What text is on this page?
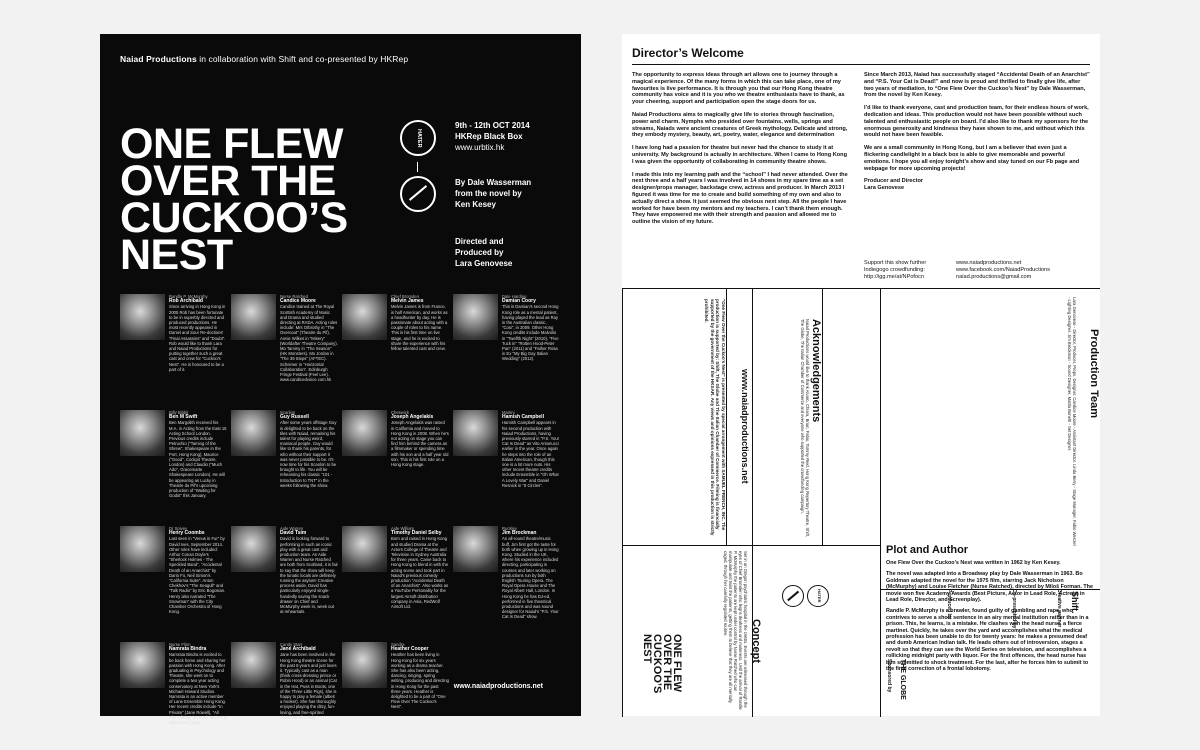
Naiad Productions in collaboration with Shift and co-presented by HKRep
ONE FLEW
OVER THE
CUCKOO’S
NEST
HATER
9th - 12th OCT 2014
HKRep Black Box
www.urbtix.hk
By Dale Wasserman
from the novel by
Ken Kesey
Directed and
Produced by
Lara Genovese
Randle P. McMurphy
Rob Archibald
Since arriving in Hong Kong in 2005 Rob has been fortunate to be in superbly directed and produced productions. He most recently appeared in Daniel and Sour Re-doctions' "Final Assassins" and "Doubt". Rob would like to thank Lara and Naiad Productions for putting together such a great cast and crew for "Cuckoo's Nest". He is honoured to be a part of it.
Nurse Ratched
Candice Moore
Candice trained at The Royal Scottish Academy of Music and Drama and studied directing at RADA. Acting roles include: Mrs Orbrothy in "The Overcoat" (Theatre du Pif), Annie Wilkes in "Misery" (Worldafter Theatre Company). Mo Tammy in "The Season" (HK Monsters). Mo Jordan in "The 39 Steps" (AFTEC). Scheimer in "Horizontal Collaboration". Edinburgh Fringe Festival (Feel Lee). www.candicedvoice.com.hk
Chief Bromden
Melvin James
Melvin James is from France, is half American, and works as a headhunter by day. He is passionate about acting with a couple of roles to his name. This is his first time on live stage, and he is excited to share the experience with his fellow talented cast and crew.
Dale Harding
Damian Coory
This is Damian's second Hong Kong role as a mental patient, having played the lead as Ray in the Australian classic, "Cosi", in 2009. Other Hong Kong credits include Malvolio in "Twelfth Night" (2010), "Five Tuck in" "Rotten Hood-Peter Pan" (2011) and "Father Rosa in Ex "My Big Gay Italian Wedding" (2012).
Billy Bibbit
Ben M Swift
Ben Margolith received his M.A. in Acting from the East 15 Acting School London. Previous credits include Petruchio ("Taming of the Shrew", Shakespeare in the Port, Hong Kong), Maurice ("Good", Cockpit Theatre, London) and Claudio ("Much Ado", Gracemarte Shakespeare London). He will be appearing as Lucky in Theatre du Pif's upcoming production of "Waiting for Godot" this January.
Scanlon
Guy Russell
After some years offstage Guy is delighted to be back on the tiles with Naiad, remaining his talent for playing weird, maniacal people. Guy would like to thank his parents, for who without their support it was never possible to be. It's now time for his Scanlon to be brought to life. You will be rehearsing his classic "101 - Introduction to TNT" in the weeks following the show.
Cheswick
Joseph Angelakis
Joseph Angelakis was raised in California and moved to Hong Kong in 2008. When he's not acting on stage you can find him behind the camera as a filmmaker or spending time with his son and a half year old son. This is his first role on a Hong Kong stage.
Martini
Hamish Campbell
Hamish Campbell appears in his second production with Naiad Productions, having previously starred in "P.S. Your Cat Is Dead" as Vito Antonucci earlier in the year. Once again he steps into the role of an Italian American, though this one is a lot more nuts. His other recent theatre credits include Ensemble in "Oh What A Lovely War" and Daniel Resnick in "8 Circles".
Dr Spivey
Henry Coombs
Last seen in "Venus in Fur" by David Ives, September 2014. Other roles have included: Arthur Conan Doyle's "Sherlock Holmes - The Speckled Band", "Accidental Death of an Anarchist" by Dario Fo, Neil Simon's "California Suite". Anton Chekhov's "The Seagull" and "Talk Radio" by Eric Bogosian. Henry also narrated "The Snowman" with the City Chamber Orchestra of Hong Kong.
Aide Warren
David Tsim
David is looking forward to performing in such an iconic play with a great cast and production team. As Aide Warren and Nurse Ratched are both from Scotland, it is fair to say that the show will keep the lunatic locals are definitely running the asylum! Creative process aside, David has particularly enjoyed single-handedly saving the snack drawer on Chief and McMurphy week in, week out at rehearsals.
Aide William
Timothy Daniel Selby
Born and raised in Hong Kong and studied Drama at the Actors College of Theatre and Television in Sydney Australia for three years. Came back to Hong Kong to blend in with the acting scene and took part in Naiad's previous comedy production "Accidental Death of an Anarchist". Also works as a YouTube Personality for the largest Airsoft distribution company in Asia, RedWolf Airsoft Ltd.
Ruckley
Jim Brockman
An all-round theatre/music buff, Jim first got the taste for both when growing up in Hong Kong. Studied in the UK, where his experience included directing, participating in courses and later working on productions run by both English Touring Opera, The Royal Opera House and The Royal Albert Hall, London. In Hong Kong he has DJ-ed, performed in five theatrical productions and was sound designer for Naiad's "P.S. Your Cat Is Dead" show.
Nurse Flinn
Namrata Bindra
Namrata Bindra is excited to be back home and sharing her passion with Hong Kong. After graduating in Psychology and Theatre, she went on to complete a two year acting conservatory at New York's Michael Howard Studios. Namrata is an active member of Lane Ensemble Hong Kong. Her recent credits include "In Private" (Jane Rowell), "All The Infamy" (Forms), and "Dog Sees God" (Van).
Candy Starr
Jane Archibald
Jane has been involved in the Hong Kong theatre scene for the past 8 years and just loves it. Typically cast as a man (think cross-dressing prince or Robin Hood) or an animal (Cat in the Hat, Puss in Boots, one of the Three Little Pigs), she is happy to play a female (albeit a hooker). She has thoroughly enjoyed playing the ditzy, fun-loving, and free-spirited character of Candy.
Sandra
Heather Cooper
Heather has been living in Hong Kong for six years working as a drama teacher. She has also been acting, dancing, singing, spring writing, producing and directing in Hong Kong for the past three years. Heather is delighted to be a part of "One Flew Over The Cuckoo's Nest".
www.naiadproductions.net
Director’s Welcome

The opportunity to express ideas through art allows one to journey through a magical experience. Of the many forms in which this can take place, one of my favourites is live performance. It is through you that our Hong Kong theatre community has voice and it is you who we theatre enthusiasts have to thank, as your cheering, support and participation open the stage doors for us.

Naiad Productions aims to magically give life to stories through fascination, power and charm. Nymphs who presided over fountains, wells, springs and streams, Naiads were ancient creatures of Greek mythology. Delicate and strong, they embody mystery, beauty, art, poetry, water, elegance and determination

I have long had a passion for theatre but never had the chance to study it at university. My background is actually in architecture. When I came to Hong Kong I was given the opportunity of collaborating in community theatre shows.

I made this into my learning path and the “school” I had never attended. Over the next three and a half years I was involved in 14 shows in my spare time as a set designer/props manager, backstage crew, actress and producer. In March 2013 I figured it was time for me to create and build something of my own and also to actually direct a show. It just seemed the obvious next step. All the people I have worked for have been my mentors and my teachers. I can’t thank them enough. They have empowered me with their strength and passion and allowed me to outline the vision of my future.

Since March 2013, Naiad has successfully staged “Accidental Death of an Anarchist” and “P.S. Your Cat is Dead!” and now is proud and thrilled to finally give life, after two years of mediation, to “One Flew Over the Cuckoo’s Nest” by Dale Wasserman, from the novel by Ken Kesey.

I’d like to thank everyone, cast and production team, for their endless hours of work, dedication and ideas. This production would not have been possible without such talented and enthusiastic people on board. I’d also like to thank my sponsors for the enormous generosity and kindness they have shown to me, and without which this would not have been feasible.

We are a small community in Hong Kong, but I am a believer that even just a flickering candlelight in a black box is able to give memorable and powerful emotions. I hope you all enjoy tonight’s show and stay tuned on our Fb page and webpage for more upcoming projects!

Producer and Director
Lara Genovese
Support this show further
Indiegogo crowdfunding:
http://igg.me/at/NPofocn
www.naiadproductions.net
www.facebook.com/NaiadProductions
naiad.productions@gmail.com
Production Team
Lara Genovese - Director, Producer, Props. Designer. Candice Moore - Assistant Director. Linda Berry - Stage Manager. Fabio Wenzel - Lighting Designer. Jim Brockman - Sound Designer. Mattia Bonetti - Set Designer.
Acknowledgements
Naiad Productions would like to thank Alvaro, Chiara, Brian, Fabio, Tommy Reid, Hong Kong Repertory Theatre, Shift, The Globe, The Italian Chamber of Commerce and everyone who supported the crowdfunding campaign.
www.naiadproductions.net
"One Flew Over the Cuckoo's Nest" is presented by special arrangement with SAMUEL FRENCH, INC. The production is supported by: Shift, The Globe and The Italian Chamber of Commerce. Filming is financially supported by the government of the HKSAR. Any views and opinions expressed in this production is strictly prohibited.
HATER
Concept
Set in an Oregon psychiatric hospital in the 1960s. Events are witnessed through the eyes of Chief Bromden who feigns deafness and muteness. Until the arrival of Randle P. McMurphy the patients are kept under control by Nurse Ratched who can manipulate and twist the patients, getting them to believe that they are all mentally caged, through her carefully regulated routine.
ONE FLEW
OVER THE
CUCKOO’S
NEST
Sponsored by THE GLOBE
Produced by	Co-presented by	Creative partner Shift.
Plot and Author

One Flew Over the Cuckoo’s Nest was written in 1962 by Ken Kesey.

The novel was adapted into a Broadway play by Dale Wasserman in 1963. Bo Goldman adapted the novel for the 1975 film, starring Jack Nicholson (McMurphy) and Louise Fletcher (Nurse Ratched), directed by Miloš Forman. The movie won five Academy Awards (Best Picture, Actor in Lead Role, Actress in Lead Role, Director, and Screenplay).

Randle P. McMurphy is a brawler, found guilty of gambling and rape, who contrives to serve a short sentence in an airy mental institution rather than in a prison. This, he learns, is a mistake. He clashes with the head nurse, a fierce martinet. Quickly, he takes over the yard and accomplishes what the medical profession has been unable to do for twenty years: he makes a presumed deaf and dumb American Indian talk. He leads others out of introversion, stages a revolt so that they can see the World Series on television, and accomplishes a rollicking midnight party with liquor. For the first offences, the head nurse has him submitted to shock treatment. For the last, after he forces him to submit to the final correction of a frontal lobotomy.
